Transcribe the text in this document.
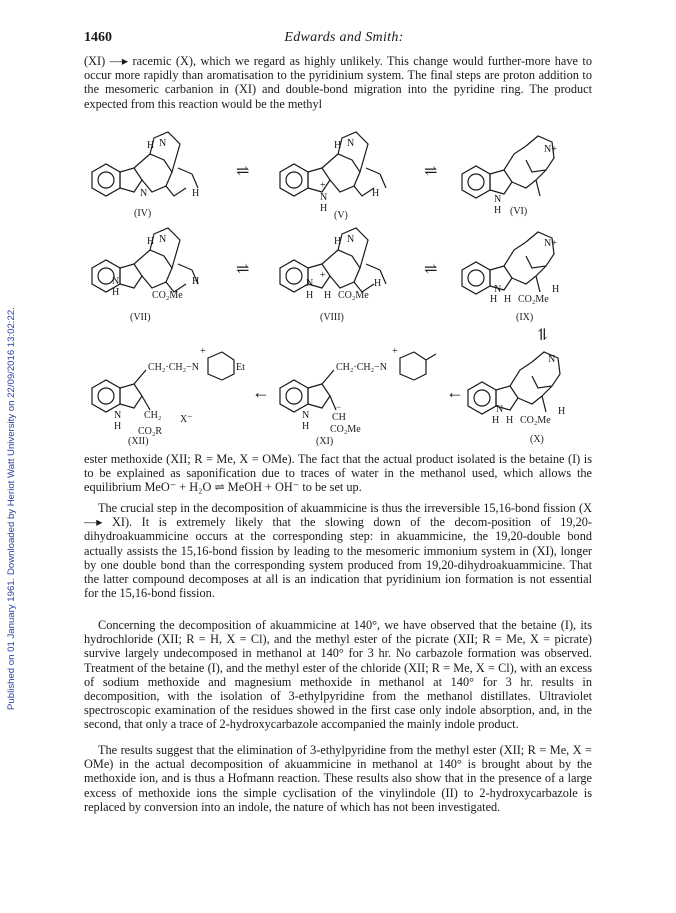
Published on 01 January 1961. Downloaded by Heriot Watt University on 22/09/2016 13:02:22.
1460	Edwards and Smith:

(XI) —▸ racemic (X), which we regard as highly unlikely. This change would further-more have to occur more rapidly than aromatisation to the pyridinium system. The final steps are proton addition to the mesomeric carbanion in (XI) and double-bond migration into the pyridine ring. The product expected from this reaction would be the methyl

H N
N	H
(IV)
⇌
H N
+
N
H
H
(V)
⇌
N+
N
H (VI)
H N
N
H
H
CO₂Me
(VII)
⇌
H N
+
N
H H
H
CO₂Me
(VIII)
⇌
N+
N
H H
H
CO₂Me
(IX)
⥮
CH₂·CH₂−N
+
Et
N
H
CH₂ X⁻
CO₂R
(XII)
←
CH₂·CH₂−N
+
N
H
−
CH
CO₂Me
(XI)
←
N
N
H H
H
CO₂Me
(X)

ester methoxide (XII; R = Me, X = OMe). The fact that the actual product isolated is the betaine (I) is to be explained as saponification due to traces of water in the methanol used, which allows the equilibrium MeO⁻ + H₂O ⇌ MeOH + OH⁻ to be set up.

The crucial step in the decomposition of akuammicine is thus the irreversible 15,16-bond fission (X —▸ XI). It is extremely likely that the slowing down of the decom-position of 19,20-dihydroakuammicine occurs at the corresponding step: in akuammicine, the 19,20-double bond actually assists the 15,16-bond fission by leading to the mesomeric immonium system in (XI), longer by one double bond than the corresponding system produced from 19,20-dihydroakuammicine. That the latter compound decomposes at all is an indication that pyridinium ion formation is not essential for the 15,16-bond fission.

Concerning the decomposition of akuammicine at 140°, we have observed that the betaine (I), its hydrochloride (XII; R = H, X = Cl), and the methyl ester of the picrate (XII; R = Me, X = picrate) survive largely undecomposed in methanol at 140° for 3 hr. No carbazole formation was observed. Treatment of the betaine (I), and the methyl ester of the chloride (XII; R = Me, X = Cl), with an excess of sodium methoxide and magnesium methoxide in methanol at 140° for 3 hr. results in decomposition, with the isolation of 3-ethylpyridine from the methanol distillates. Ultraviolet spectroscopic examination of the residues showed in the first case only indole absorption, and, in the second, that only a trace of 2-hydroxycarbazole accompanied the mainly indole product.

The results suggest that the elimination of 3-ethylpyridine from the methyl ester (XII; R = Me, X = OMe) in the actual decomposition of akuammicine in methanol at 140° is brought about by the methoxide ion, and is thus a Hofmann reaction. These results also show that in the presence of a large excess of methoxide ions the simple cyclisation of the vinylindole (II) to 2-hydroxycarbazole is replaced by conversion into an indole, the nature of which has not been investigated.
